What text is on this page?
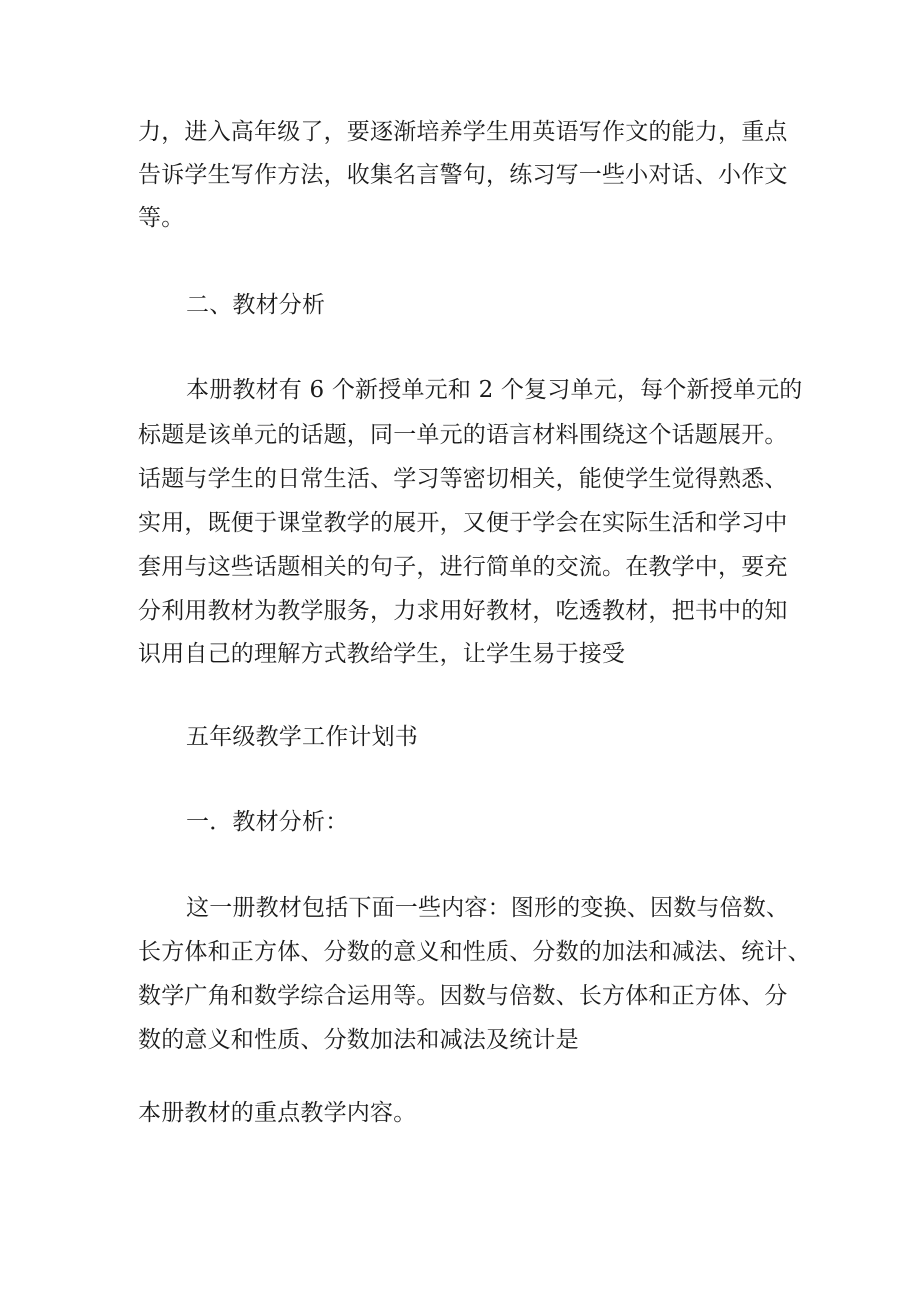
力，进入高年级了，要逐渐培养学生用英语写作文的能力，重点
告诉学生写作方法，收集名言警句，练习写一些小对话、小作文
等。
二、教材分析
本册教材有 6 个新授单元和 2 个复习单元，每个新授单元的
标题是该单元的话题，同一单元的语言材料围绕这个话题展开。
话题与学生的日常生活、学习等密切相关，能使学生觉得熟悉、
实用，既便于课堂教学的展开，又便于学会在实际生活和学习中
套用与这些话题相关的句子，进行简单的交流。在教学中，要充
分利用教材为教学服务，力求用好教材，吃透教材，把书中的知
识用自己的理解方式教给学生，让学生易于接受
五年级教学工作计划书
一．教材分析：
这一册教材包括下面一些内容：图形的变换、因数与倍数、
长方体和正方体、分数的意义和性质、分数的加法和减法、统计、
数学广角和数学综合运用等。因数与倍数、长方体和正方体、分
数的意义和性质、分数加法和减法及统计是
本册教材的重点教学内容。
